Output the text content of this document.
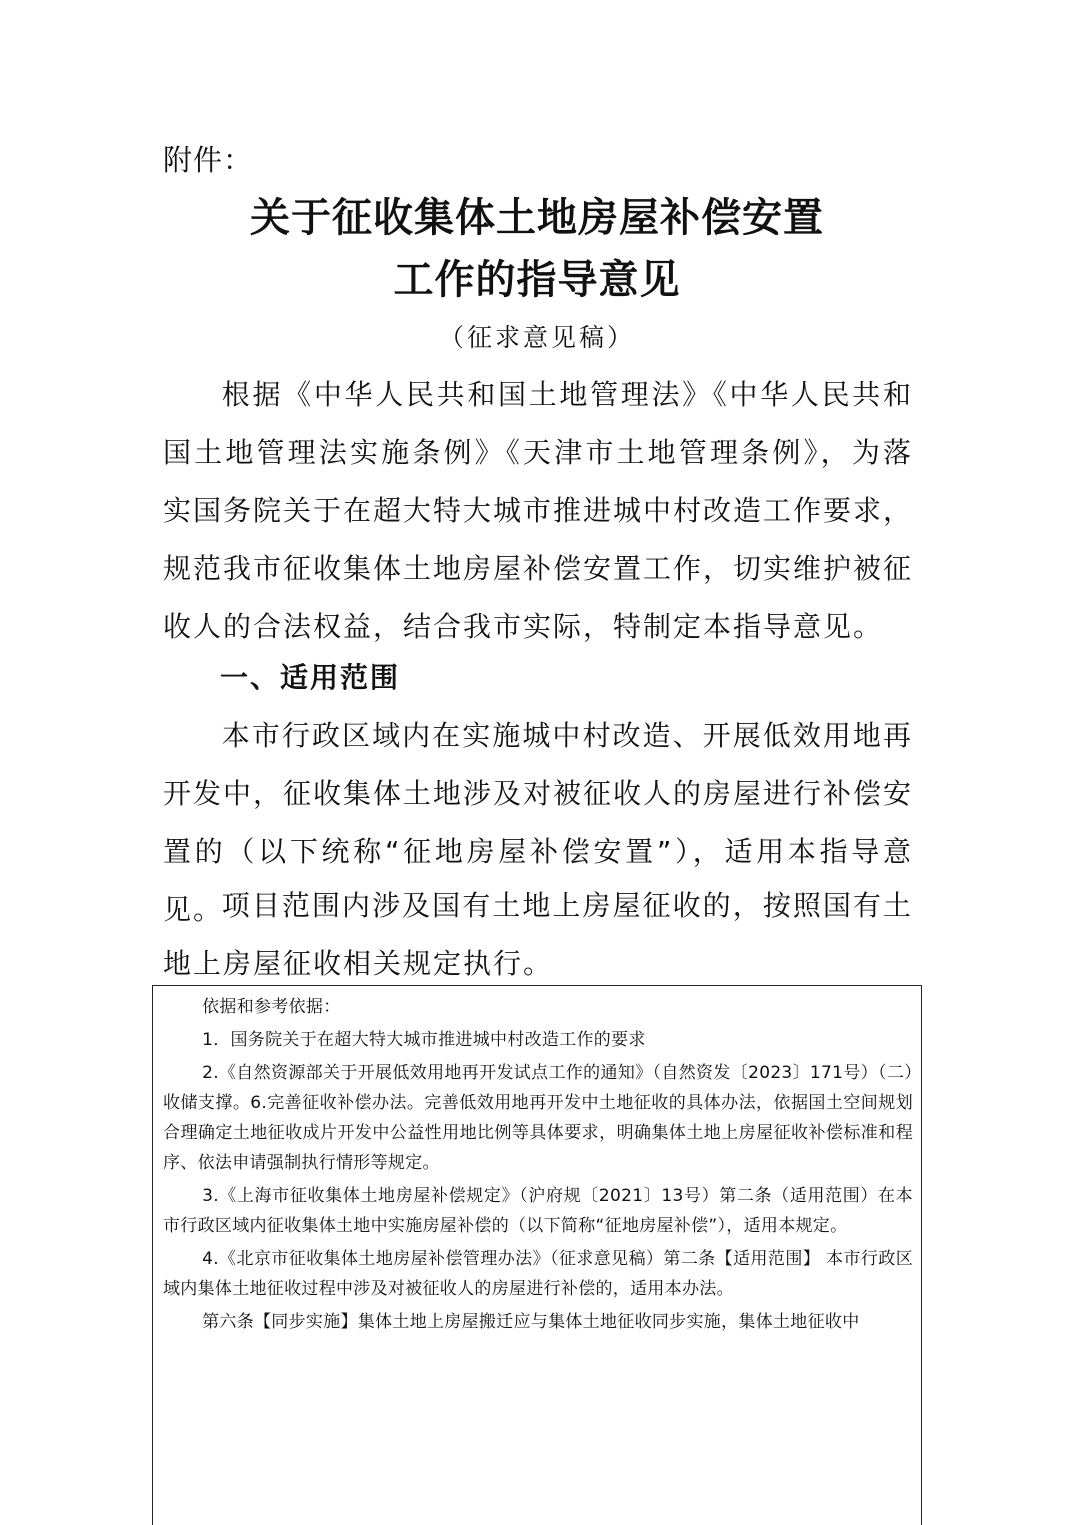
附件：
关于征收集体土地房屋补偿安置
工作的指导意见
（征求意见稿）

根据《中华人民共和国土地管理法》《中华人民共和国土地管理法实施条例》《天津市土地管理条例》，为落实国务院关于在超大特大城市推进城中村改造工作要求，规范我市征收集体土地房屋补偿安置工作，切实维护被征收人的合法权益，结合我市实际，特制定本指导意见。

一、适用范围

本市行政区域内在实施城中村改造、开展低效用地再开发中，征收集体土地涉及对被征收人的房屋进行补偿安置的（以下统称“征地房屋补偿安置”），适用本指导意见。

项目范围内涉及国有土地上房屋征收的，按照国有土地上房屋征收相关规定执行。

依据和参考依据：

1．国务院关于在超大特大城市推进城中村改造工作的要求

2.《自然资源部关于开展低效用地再开发试点工作的通知》（自然资发〔2023〕171号）（二）收储支撑。6.完善征收补偿办法。完善低效用地再开发中土地征收的具体办法，依据国土空间规划合理确定土地征收成片开发中公益性用地比例等具体要求，明确集体土地上房屋征收补偿标准和程序、依法申请强制执行情形等规定。

3.《上海市征收集体土地房屋补偿规定》（沪府规〔2021〕13号）第二条（适用范围）在本市行政区域内征收集体土地中实施房屋补偿的（以下简称“征地房屋补偿”），适用本规定。

4.《北京市征收集体土地房屋补偿管理办法》（征求意见稿）第二条【适用范围】 本市行政区域内集体土地征收过程中涉及对被征收人的房屋进行补偿的，适用本办法。

第六条【同步实施】集体土地上房屋搬迁应与集体土地征收同步实施，集体土地征收中
